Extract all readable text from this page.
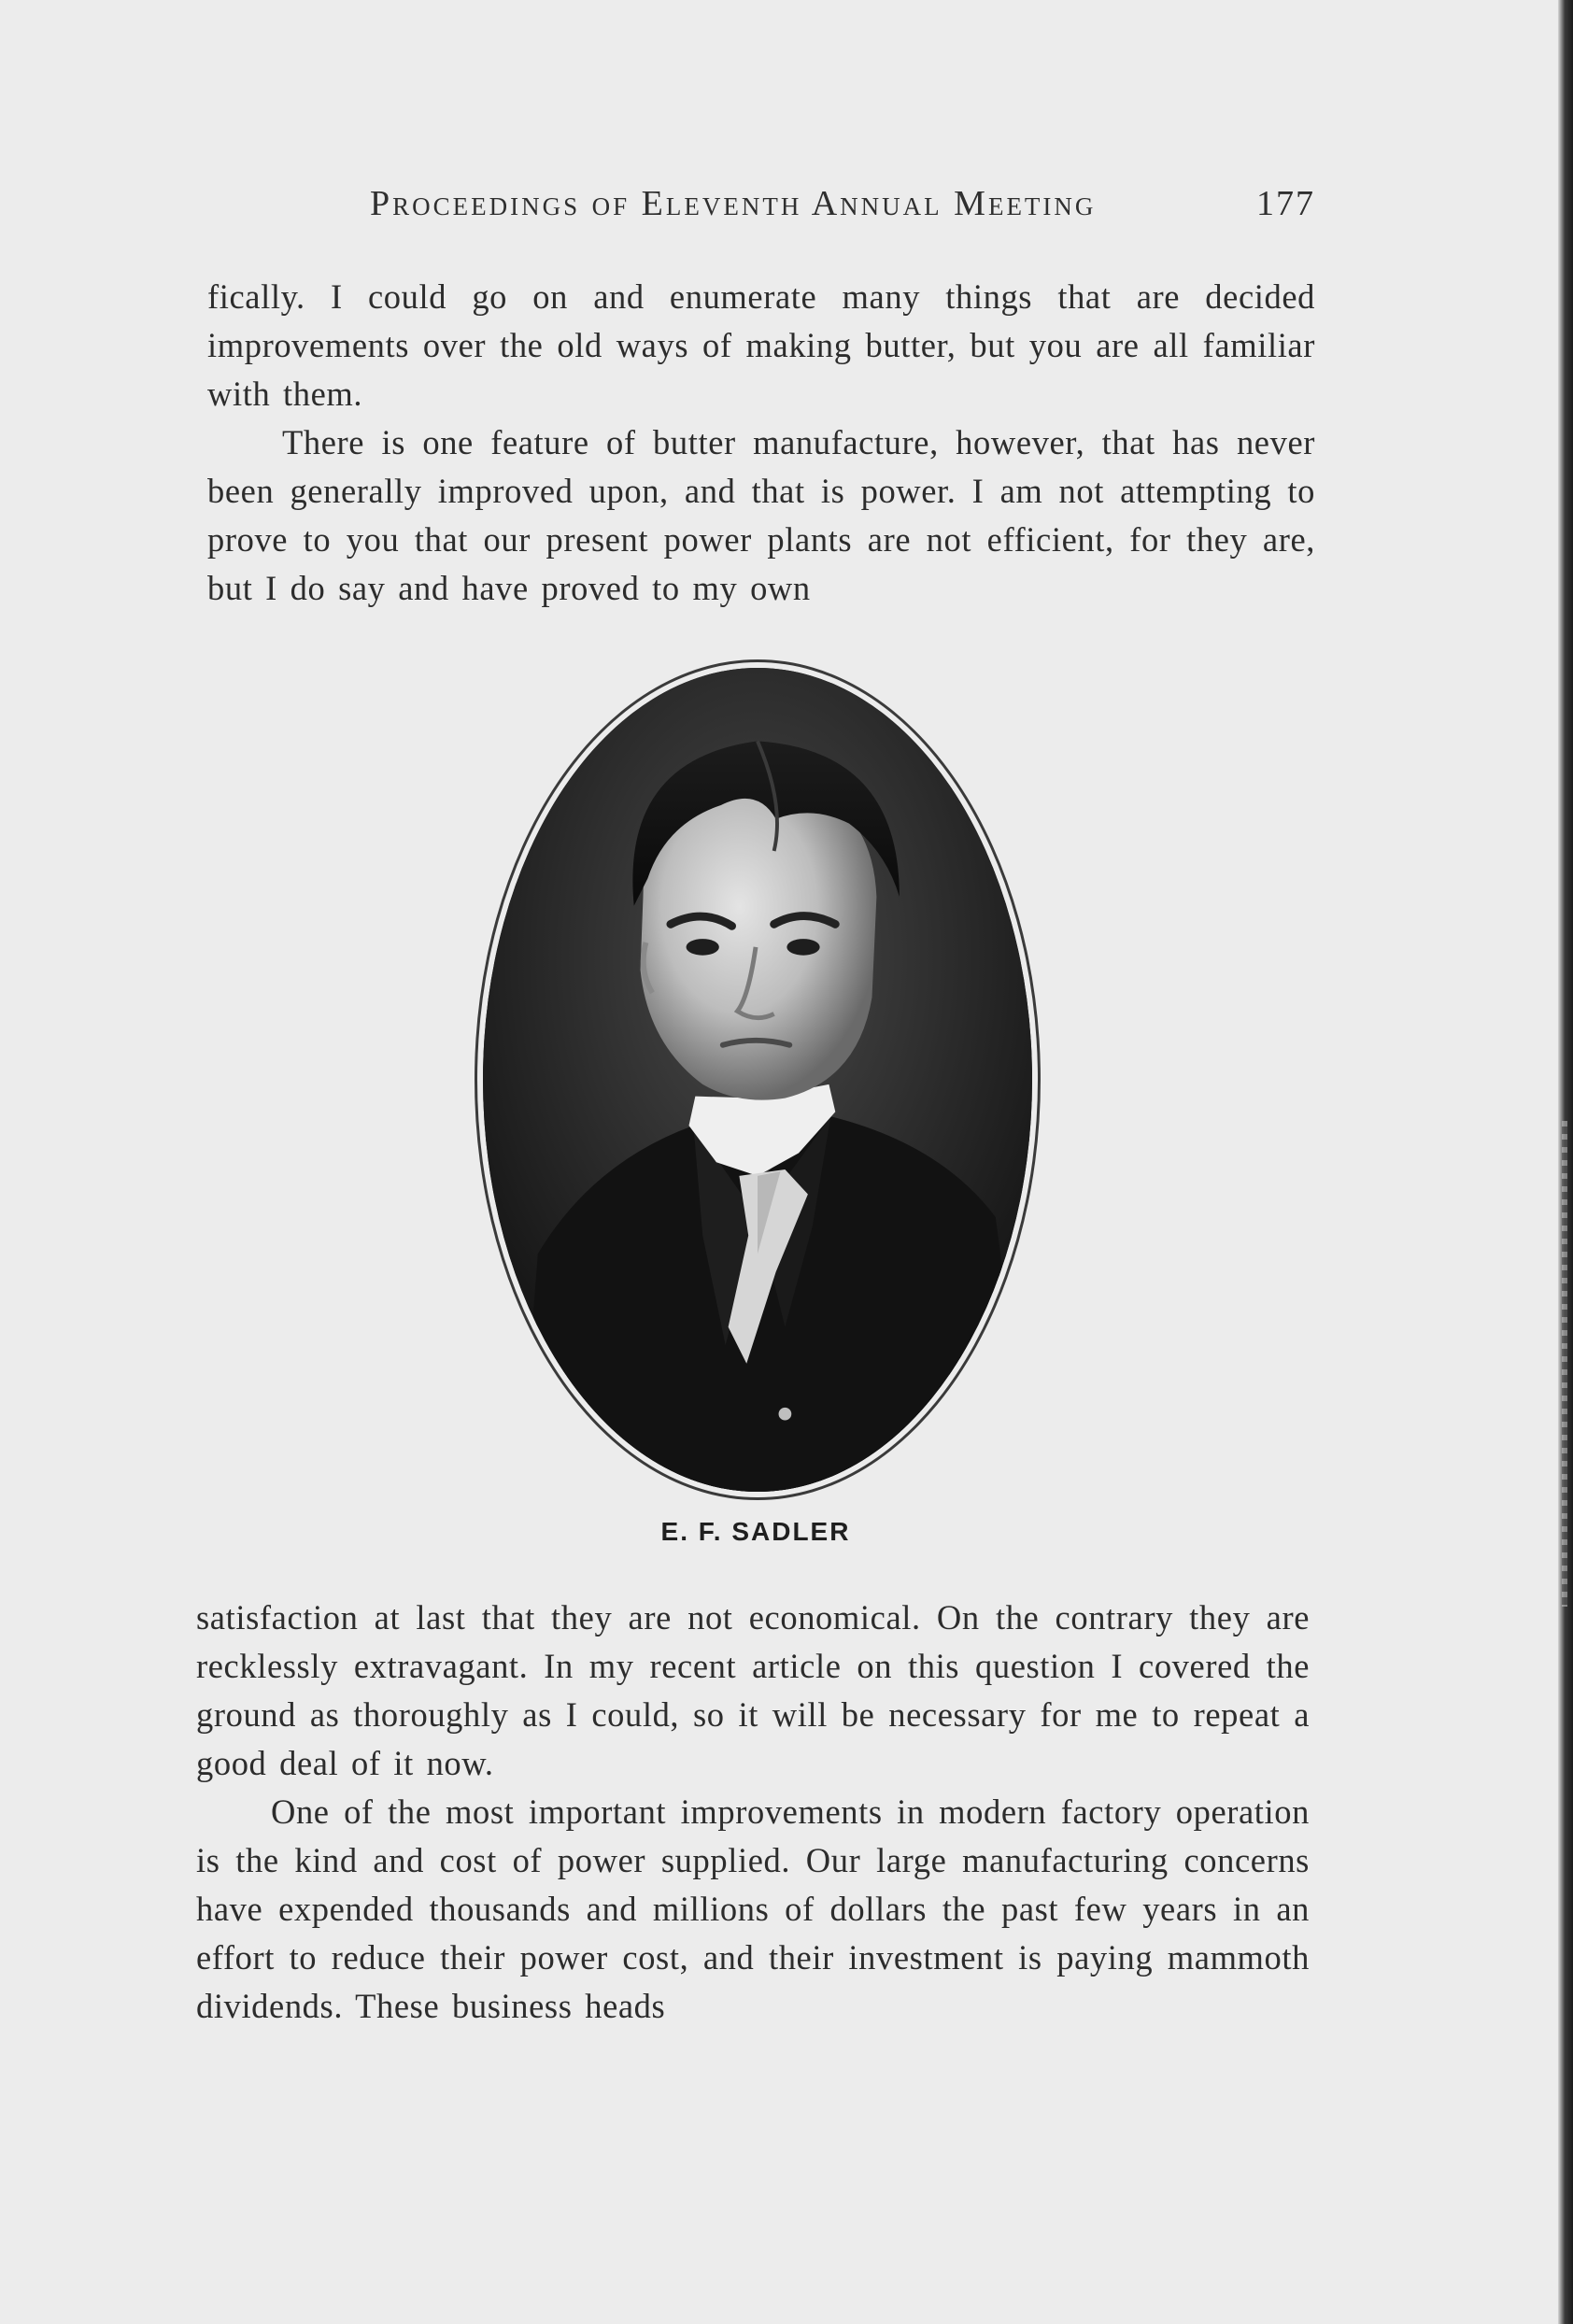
Proceedings of Eleventh Annual Meeting	177

fically. I could go on and enumerate many things that are decided improvements over the old ways of making butter, but you are all familiar with them.

There is one feature of butter manufacture, however, that has never been generally improved upon, and that is power. I am not attempting to prove to you that our present power plants are not efficient, for they are, but I do say and have proved to my own

E. F. SADLER

satisfaction at last that they are not economical. On the contrary they are recklessly extravagant. In my recent article on this question I covered the ground as thoroughly as I could, so it will be necessary for me to repeat a good deal of it now.

One of the most important improvements in modern factory operation is the kind and cost of power supplied. Our large manufacturing concerns have expended thousands and millions of dollars the past few years in an effort to reduce their power cost, and their investment is paying mammoth dividends. These business heads
